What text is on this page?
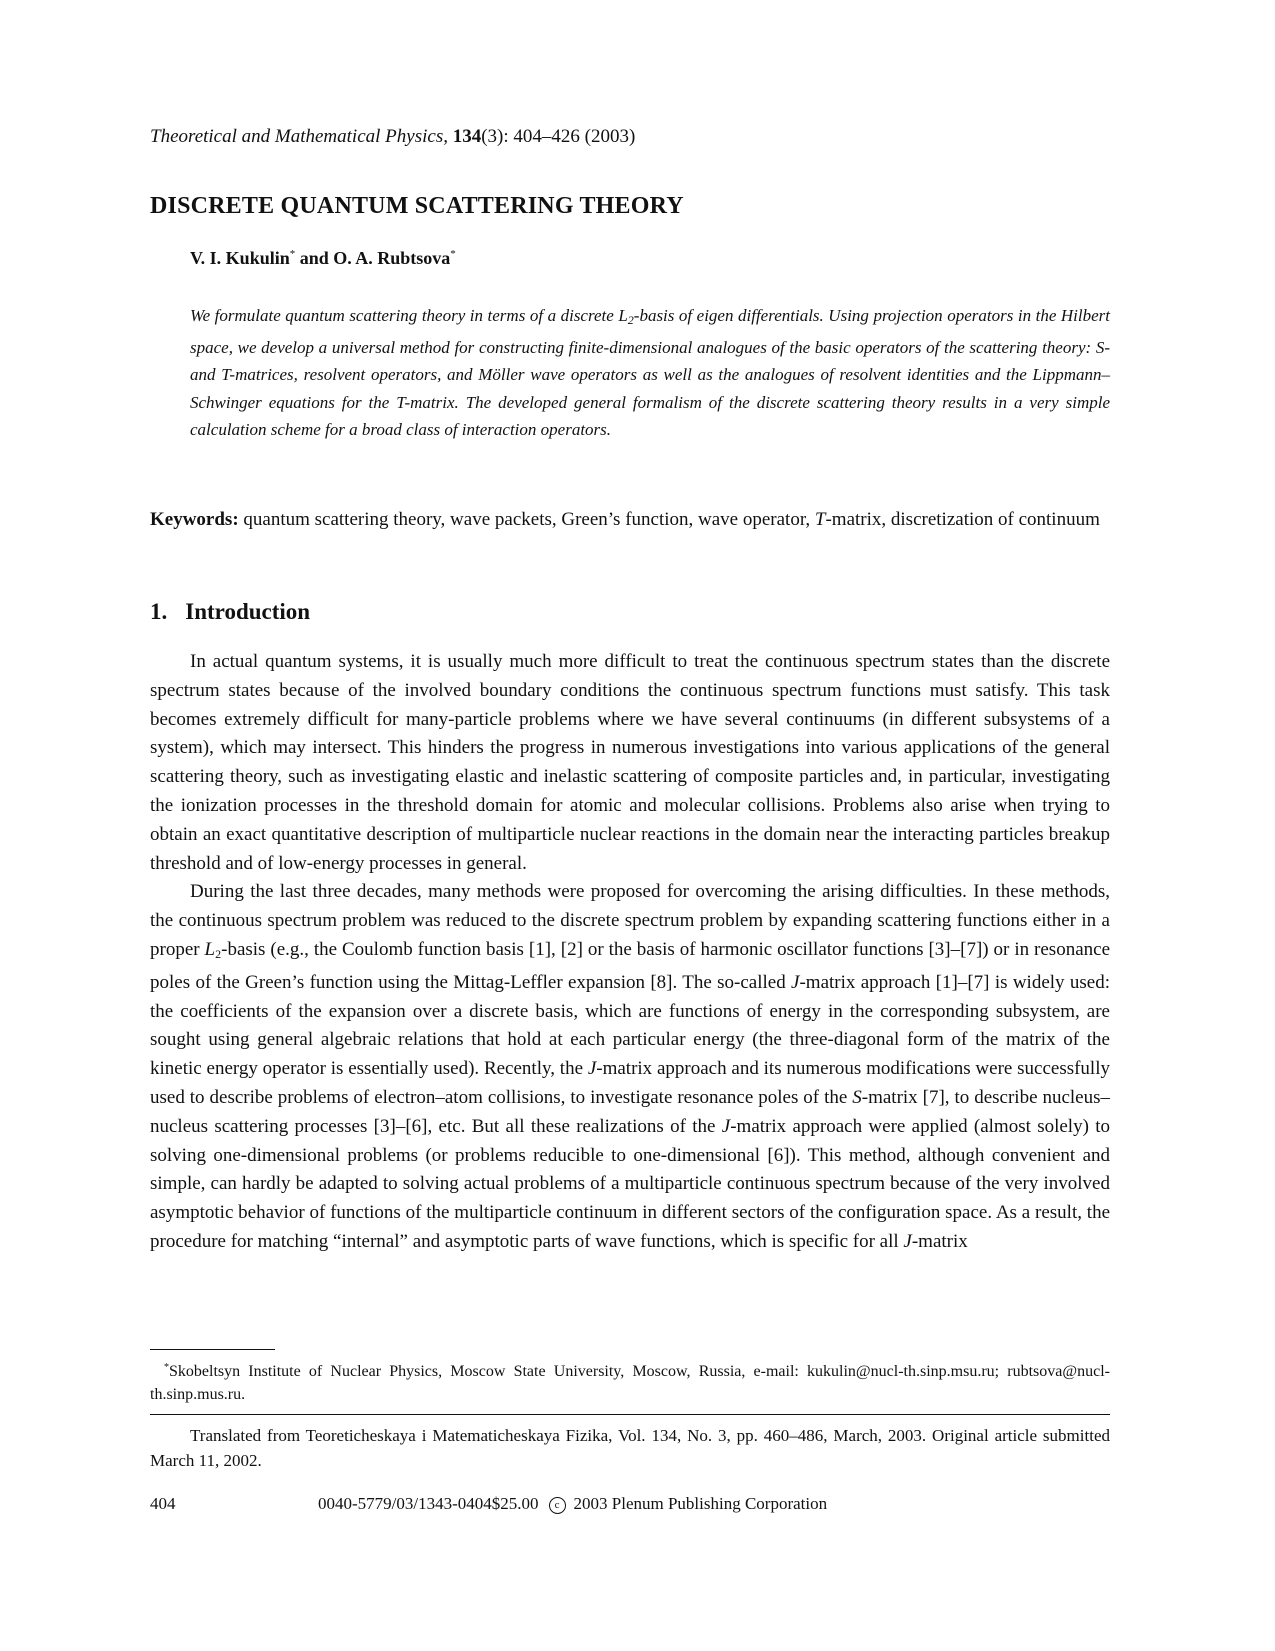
Theoretical and Mathematical Physics, 134(3): 404–426 (2003)
DISCRETE QUANTUM SCATTERING THEORY
V. I. Kukulin* and O. A. Rubtsova*
We formulate quantum scattering theory in terms of a discrete $L_2$-basis of eigen differentials. Using projection operators in the Hilbert space, we develop a universal method for constructing finite-dimensional analogues of the basic operators of the scattering theory: S- and T-matrices, resolvent operators, and Möller wave operators as well as the analogues of resolvent identities and the Lippmann–Schwinger equations for the T-matrix. The developed general formalism of the discrete scattering theory results in a very simple calculation scheme for a broad class of interaction operators.
Keywords: quantum scattering theory, wave packets, Green’s function, wave operator, T-matrix, discretization of continuum
1. Introduction

In actual quantum systems, it is usually much more difficult to treat the continuous spectrum states than the discrete spectrum states because of the involved boundary conditions the continuous spectrum functions must satisfy. This task becomes extremely difficult for many-particle problems where we have several continuums (in different subsystems of a system), which may intersect. This hinders the progress in numerous investigations into various applications of the general scattering theory, such as investigating elastic and inelastic scattering of composite particles and, in particular, investigating the ionization processes in the threshold domain for atomic and molecular collisions. Problems also arise when trying to obtain an exact quantitative description of multiparticle nuclear reactions in the domain near the interacting particles breakup threshold and of low-energy processes in general.

During the last three decades, many methods were proposed for overcoming the arising difficulties. In these methods, the continuous spectrum problem was reduced to the discrete spectrum problem by expanding scattering functions either in a proper $L_2$-basis (e.g., the Coulomb function basis [1], [2] or the basis of harmonic oscillator functions [3]–[7]) or in resonance poles of the Green’s function using the Mittag-Leffler expansion [8]. The so-called J-matrix approach [1]–[7] is widely used: the coefficients of the expansion over a discrete basis, which are functions of energy in the corresponding subsystem, are sought using general algebraic relations that hold at each particular energy (the three-diagonal form of the matrix of the kinetic energy operator is essentially used). Recently, the J-matrix approach and its numerous modifications were successfully used to describe problems of electron–atom collisions, to investigate resonance poles of the S-matrix [7], to describe nucleus–nucleus scattering processes [3]–[6], etc. But all these realizations of the J-matrix approach were applied (almost solely) to solving one-dimensional problems (or problems reducible to one-dimensional [6]). This method, although convenient and simple, can hardly be adapted to solving actual problems of a multiparticle continuous spectrum because of the very involved asymptotic behavior of functions of the multiparticle continuum in different sectors of the configuration space. As a result, the procedure for matching “internal” and asymptotic parts of wave functions, which is specific for all J-matrix

*Skobeltsyn Institute of Nuclear Physics, Moscow State University, Moscow, Russia, e-mail: kukulin@nucl-th.sinp.msu.ru; rubtsova@nucl-th.sinp.mus.ru.

Translated from Teoreticheskaya i Matematicheskaya Fizika, Vol. 134, No. 3, pp. 460–486, March, 2003. Original article submitted March 11, 2002.

404	0040-5779/03/1343-0404$25.00 c 2003 Plenum Publishing Corporation
